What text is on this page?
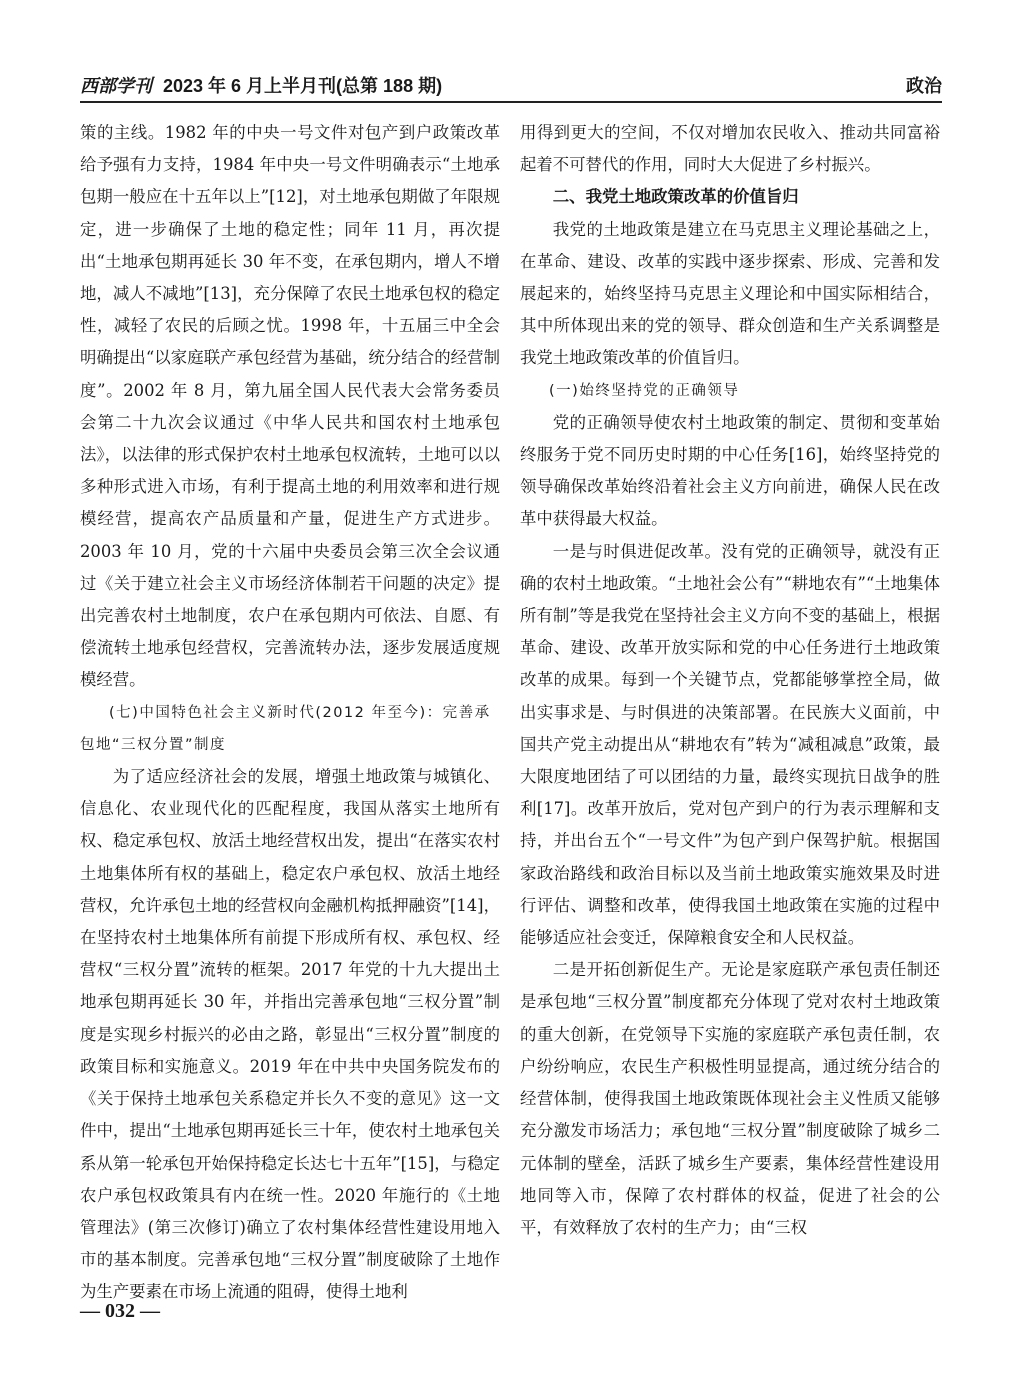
西部学刊 2023 年 6 月上半月刊(总第 188 期)	政治

策的主线。1982 年的中央一号文件对包产到户政策改革给予强有力支持，1984 年中央一号文件明确表示“土地承包期一般应在十五年以上”[12]，对土地承包期做了年限规定，进一步确保了土地的稳定性；同年 11 月，再次提出“土地承包期再延长 30 年不变，在承包期内，增人不增地，减人不减地”[13]，充分保障了农民土地承包权的稳定性，减轻了农民的后顾之忧。1998 年，十五届三中全会明确提出“以家庭联产承包经营为基础，统分结合的经营制度”。2002 年 8 月，第九届全国人民代表大会常务委员会第二十九次会议通过《中华人民共和国农村土地承包法》，以法律的形式保护农村土地承包权流转，土地可以以多种形式进入市场，有利于提高土地的利用效率和进行规模经营，提高农产品质量和产量，促进生产方式进步。2003 年 10 月，党的十六届中央委员会第三次全会议通过《关于建立社会主义市场经济体制若干问题的决定》提出完善农村土地制度，农户在承包期内可依法、自愿、有偿流转土地承包经营权，完善流转办法，逐步发展适度规模经营。

(七)中国特色社会主义新时代(2012 年至今)：完善承包地“三权分置”制度

为了适应经济社会的发展，增强土地政策与城镇化、信息化、农业现代化的匹配程度，我国从落实土地所有权、稳定承包权、放活土地经营权出发，提出“在落实农村土地集体所有权的基础上，稳定农户承包权、放活土地经营权，允许承包土地的经营权向金融机构抵押融资”[14]，在坚持农村土地集体所有前提下形成所有权、承包权、经营权“三权分置”流转的框架。2017 年党的十九大提出土地承包期再延长 30 年，并指出完善承包地“三权分置”制度是实现乡村振兴的必由之路，彰显出“三权分置”制度的政策目标和实施意义。2019 年在中共中央国务院发布的《关于保持土地承包关系稳定并长久不变的意见》这一文件中，提出“土地承包期再延长三十年，使农村土地承包关系从第一轮承包开始保持稳定长达七十五年”[15]，与稳定农户承包权政策具有内在统一性。2020 年施行的《土地管理法》(第三次修订)确立了农村集体经营性建设用地入市的基本制度。完善承包地“三权分置”制度破除了土地作为生产要素在市场上流通的阻碍，使得土地利

用得到更大的空间，不仅对增加农民收入、推动共同富裕起着不可替代的作用，同时大大促进了乡村振兴。

二、我党土地政策改革的价值旨归

我党的土地政策是建立在马克思主义理论基础之上，在革命、建设、改革的实践中逐步探索、形成、完善和发展起来的，始终坚持马克思主义理论和中国实际相结合，其中所体现出来的党的领导、群众创造和生产关系调整是我党土地政策改革的价值旨归。

(一)始终坚持党的正确领导

党的正确领导使农村土地政策的制定、贯彻和变革始终服务于党不同历史时期的中心任务[16]，始终坚持党的领导确保改革始终沿着社会主义方向前进，确保人民在改革中获得最大权益。

一是与时俱进促改革。没有党的正确领导，就没有正确的农村土地政策。“土地社会公有”“耕地农有”“土地集体所有制”等是我党在坚持社会主义方向不变的基础上，根据革命、建设、改革开放实际和党的中心任务进行土地政策改革的成果。每到一个关键节点，党都能够掌控全局，做出实事求是、与时俱进的决策部署。在民族大义面前，中国共产党主动提出从“耕地农有”转为“减租减息”政策，最大限度地团结了可以团结的力量，最终实现抗日战争的胜利[17]。改革开放后，党对包产到户的行为表示理解和支持，并出台五个“一号文件”为包产到户保驾护航。根据国家政治路线和政治目标以及当前土地政策实施效果及时进行评估、调整和改革，使得我国土地政策在实施的过程中能够适应社会变迁，保障粮食安全和人民权益。

二是开拓创新促生产。无论是家庭联产承包责任制还是承包地“三权分置”制度都充分体现了党对农村土地政策的重大创新，在党领导下实施的家庭联产承包责任制，农户纷纷响应，农民生产积极性明显提高，通过统分结合的经营体制，使得我国土地政策既体现社会主义性质又能够充分激发市场活力；承包地“三权分置”制度破除了城乡二元体制的壁垒，活跃了城乡生产要素，集体经营性建设用地同等入市，保障了农村群体的权益，促进了社会的公平，有效释放了农村的生产力；由“三权

— 032 —
